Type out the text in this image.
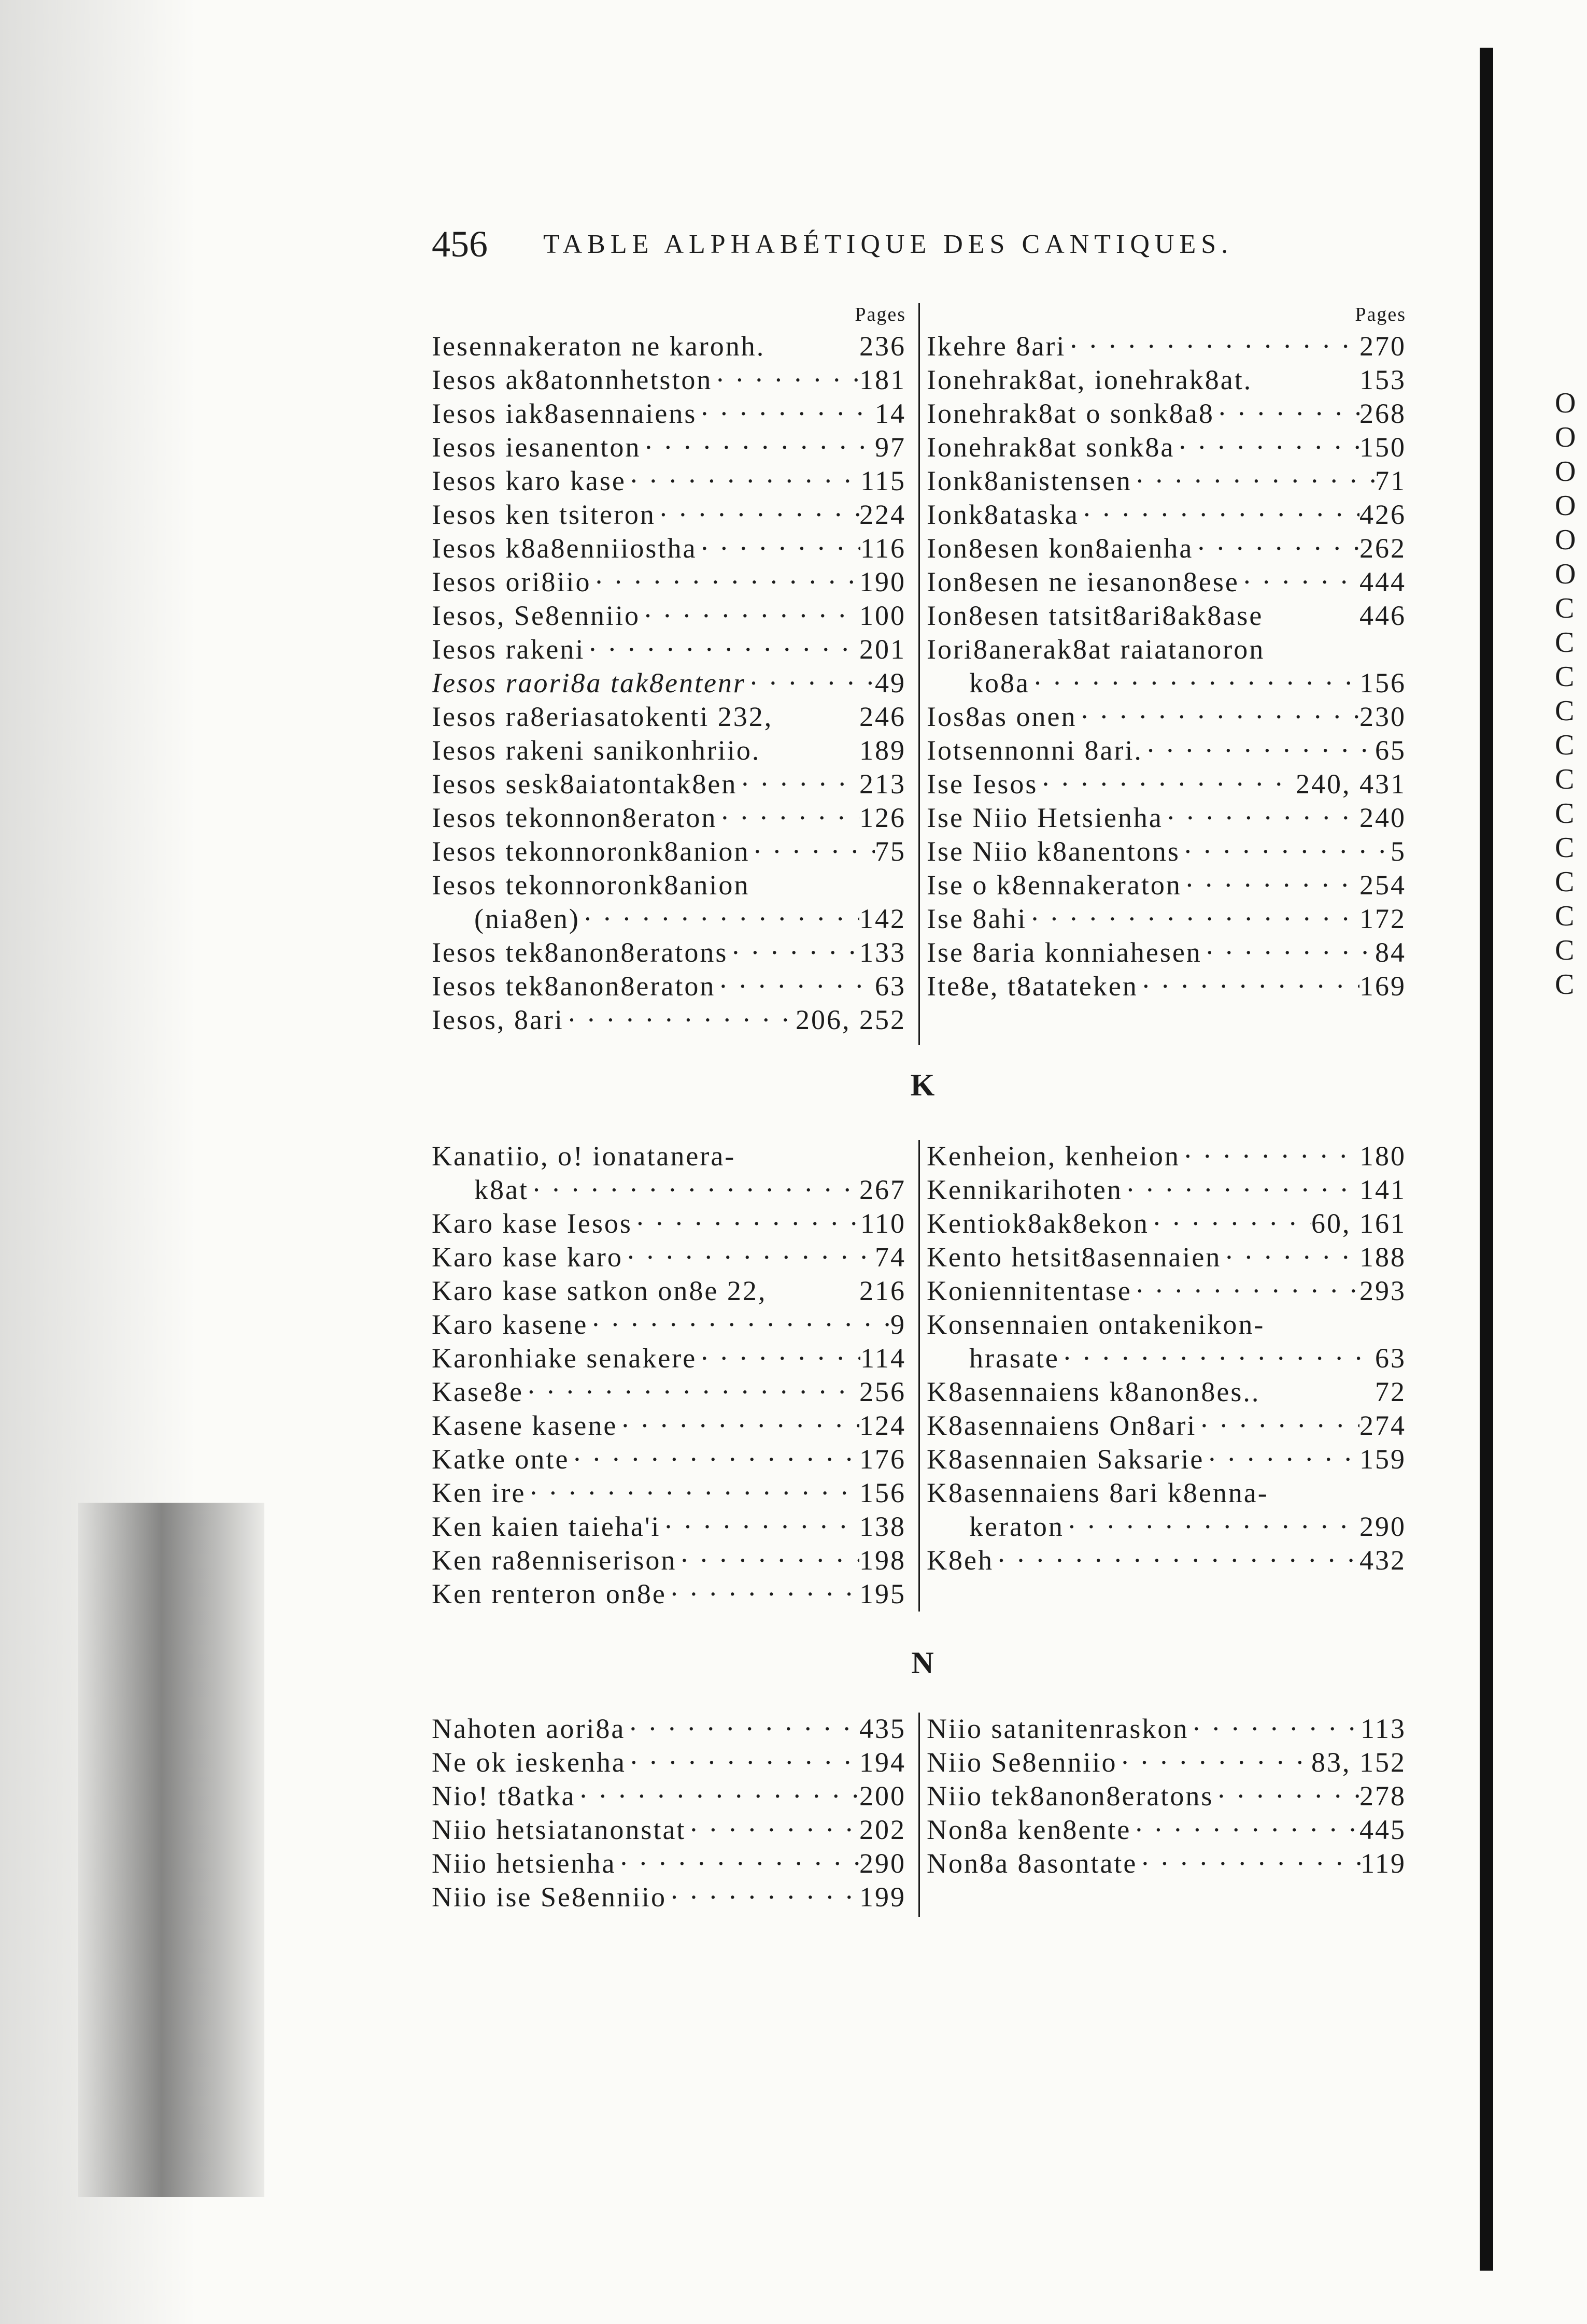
O
O
O
O
O
O
C
C
C
C
C
C
C
C
C
C
C
C
456 TABLE ALPHABÉTIQUE DES CANTIQUES.
Pages
Iesennakeraton ne karonh.	236
Iesos ak8atonnhetston · · ·	181
Iesos iak8asennaiens · · ·	14
Iesos iesanenton · · ·	97
Iesos karo kase · · ·	115
Iesos ken tsiteron · · ·	224
Iesos k8a8enniiostha · · ·	116
Iesos ori8iio · · ·	190
Iesos, Se8enniio · · ·	100
Iesos rakeni · · ·	201
Iesos raori8a tak8entenr · · ·	49
Iesos ra8eriasatokenti 232,	246
Iesos rakeni sanikonhriio.	189
Iesos sesk8aiatontak8en · · ·	213
Iesos tekonnon8eraton · · ·	126
Iesos tekonnoronk8anion · · ·	75
Iesos tekonnoronk8anion
(nia8en) · · ·	142
Iesos tek8anon8eratons · · ·	133
Iesos tek8anon8eraton · · ·	63
Iesos, 8ari · · ·	206, 252
Pages
Ikehre 8ari · · ·	270
Ionehrak8at, ionehrak8at.	153
Ionehrak8at o sonk8a8 · · ·	268
Ionehrak8at sonk8a · · ·	150
Ionk8anistensen · · ·	71
Ionk8ataska · · ·	426
Ion8esen kon8aienha · · ·	262
Ion8esen ne iesanon8ese · · ·	444
Ion8esen tatsit8ari8ak8ase	446
Iori8anerak8at raiatanoron
ko8a · · ·	156
Ios8as onen · · ·	230
Iotsennonni 8ari. · · ·	65
Ise Iesos · · ·	240, 431
Ise Niio Hetsienha · · ·	240
Ise Niio k8anentons · · ·	5
Ise o k8ennakeraton · · ·	254
Ise 8ahi · · ·	172
Ise 8aria konniahesen · · ·	84
Ite8e, t8atateken · · ·	169
K
Kanatiio, o! ionatanera-
k8at · · ·	267
Karo kase Iesos · · ·	110
Karo kase karo · · ·	74
Karo kase satkon on8e 22,	216
Karo kasene · · ·	9
Karonhiake senakere · · ·	114
Kase8e · · ·	256
Kasene kasene · · ·	124
Katke onte · · ·	176
Ken ire · · ·	156
Ken kaien taieha'i · · ·	138
Ken ra8enniserison · · ·	198
Ken renteron on8e · · ·	195
Kenheion, kenheion · · ·	180
Kennikarihoten · · ·	141
Kentiok8ak8ekon · · ·	60, 161
Kento hetsit8asennaien · · ·	188
Koniennitentase · · ·	293
Konsennaien ontakenikon-
hrasate · · ·	63
K8asennaiens k8anon8es..	72
K8asennaiens On8ari · · ·	274
K8asennaien Saksarie · · ·	159
K8asennaiens 8ari k8enna-
keraton · · ·	290
K8eh · · ·	432
N
Nahoten aori8a · · ·	435
Ne ok ieskenha · · ·	194
Nio! t8atka · · ·	200
Niio hetsiatanonstat · · ·	202
Niio hetsienha · · ·	290
Niio ise Se8enniio · · ·	199
Niio satanitenraskon · · ·	113
Niio Se8enniio · · ·	83, 152
Niio tek8anon8eratons · · ·	278
Non8a ken8ente · · ·	445
Non8a 8asontate · · ·	119
